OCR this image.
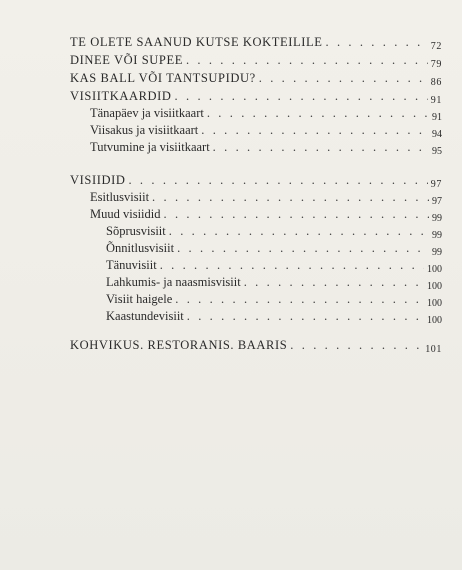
TE OLETE SAANUD KUTSE KOKTEILILE . . .	72
DINEE VÕI SUPEE . . .	79
KAS BALL VÕI TANTSUPIDU? . . .	86
VISIITKAARDID . . .	91
Tänapäev ja visiitkaart . . .	91
Viisakus ja visiitkaart . . .	94
Tutvumine ja visiitkaart . . .	95
VISIIDID . . .	97
Esitlusvisiit . . .	97
Muud visiidid . . .	99
Sõprusvisiit . . .	99
Õnnitlusvisiit . . .	99
Tänuvisiit . . .	100
Lahkumis- ja naasmisvisiit . . .	100
Visiit haigele . . .	100
Kaastundevisiit . . .	100
KOHVIKUS. RESTORANIS. BAARIS . . .	101
